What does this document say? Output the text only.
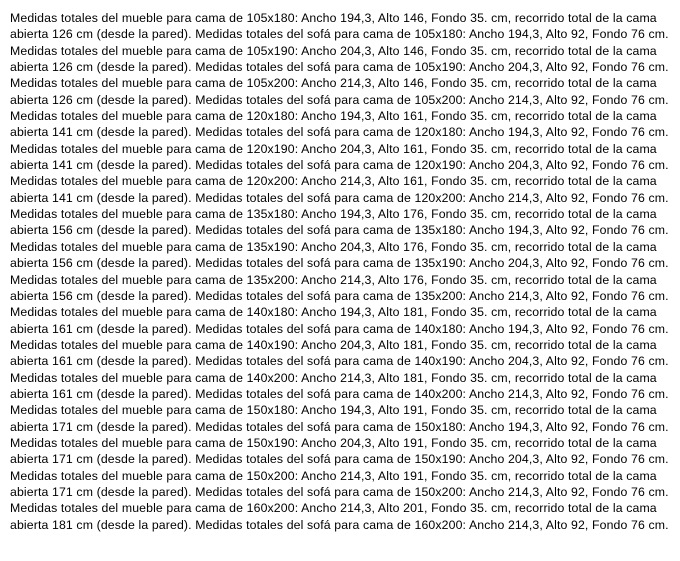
Medidas totales del mueble para cama de 105x180: Ancho 194,3, Alto 146, Fondo 35. cm, recorrido total de la cama abierta 126 cm (desde la pared). Medidas totales del sofá para cama de 105x180: Ancho 194,3, Alto 92, Fondo 76 cm.

Medidas totales del mueble para cama de 105x190: Ancho 204,3, Alto 146, Fondo 35. cm, recorrido total de la cama abierta 126 cm (desde la pared). Medidas totales del sofá para cama de 105x190: Ancho 204,3, Alto 92, Fondo 76 cm.

Medidas totales del mueble para cama de 105x200: Ancho 214,3, Alto 146, Fondo 35. cm, recorrido total de la cama abierta 126 cm (desde la pared). Medidas totales del sofá para cama de 105x200: Ancho 214,3, Alto 92, Fondo 76 cm.

Medidas totales del mueble para cama de 120x180: Ancho 194,3, Alto 161, Fondo 35. cm, recorrido total de la cama abierta 141 cm (desde la pared). Medidas totales del sofá para cama de 120x180: Ancho 194,3, Alto 92, Fondo 76 cm.

Medidas totales del mueble para cama de 120x190: Ancho 204,3, Alto 161, Fondo 35. cm, recorrido total de la cama abierta 141 cm (desde la pared). Medidas totales del sofá para cama de 120x190: Ancho 204,3, Alto 92, Fondo 76 cm.

Medidas totales del mueble para cama de 120x200: Ancho 214,3, Alto 161, Fondo 35. cm, recorrido total de la cama abierta 141 cm (desde la pared). Medidas totales del sofá para cama de 120x200: Ancho 214,3, Alto 92, Fondo 76 cm.

Medidas totales del mueble para cama de 135x180: Ancho 194,3, Alto 176, Fondo 35. cm, recorrido total de la cama abierta 156 cm (desde la pared). Medidas totales del sofá para cama de 135x180: Ancho 194,3, Alto 92, Fondo 76 cm.

Medidas totales del mueble para cama de 135x190: Ancho 204,3, Alto 176, Fondo 35. cm, recorrido total de la cama abierta 156 cm (desde la pared). Medidas totales del sofá para cama de 135x190: Ancho 204,3, Alto 92, Fondo 76 cm.

Medidas totales del mueble para cama de 135x200: Ancho 214,3, Alto 176, Fondo 35. cm, recorrido total de la cama abierta 156 cm (desde la pared). Medidas totales del sofá para cama de 135x200: Ancho 214,3, Alto 92, Fondo 76 cm.

Medidas totales del mueble para cama de 140x180: Ancho 194,3, Alto 181, Fondo 35. cm, recorrido total de la cama abierta 161 cm (desde la pared). Medidas totales del sofá para cama de 140x180: Ancho 194,3, Alto 92, Fondo 76 cm.

Medidas totales del mueble para cama de 140x190: Ancho 204,3, Alto 181, Fondo 35. cm, recorrido total de la cama abierta 161 cm (desde la pared). Medidas totales del sofá para cama de 140x190: Ancho 204,3, Alto 92, Fondo 76 cm.

Medidas totales del mueble para cama de 140x200: Ancho 214,3, Alto 181, Fondo 35. cm, recorrido total de la cama abierta 161 cm (desde la pared). Medidas totales del sofá para cama de 140x200: Ancho 214,3, Alto 92, Fondo 76 cm.

Medidas totales del mueble para cama de 150x180: Ancho 194,3, Alto 191, Fondo 35. cm, recorrido total de la cama abierta 171 cm (desde la pared). Medidas totales del sofá para cama de 150x180: Ancho 194,3, Alto 92, Fondo 76 cm.

Medidas totales del mueble para cama de 150x190: Ancho 204,3, Alto 191, Fondo 35. cm, recorrido total de la cama abierta 171 cm (desde la pared). Medidas totales del sofá para cama de 150x190: Ancho 204,3, Alto 92, Fondo 76 cm.

Medidas totales del mueble para cama de 150x200: Ancho 214,3, Alto 191, Fondo 35. cm, recorrido total de la cama abierta 171 cm (desde la pared). Medidas totales del sofá para cama de 150x200: Ancho 214,3, Alto 92, Fondo 76 cm.

Medidas totales del mueble para cama de 160x200: Ancho 214,3, Alto 201, Fondo 35. cm, recorrido total de la cama abierta 181 cm (desde la pared). Medidas totales del sofá para cama de 160x200: Ancho 214,3, Alto 92, Fondo 76 cm.
